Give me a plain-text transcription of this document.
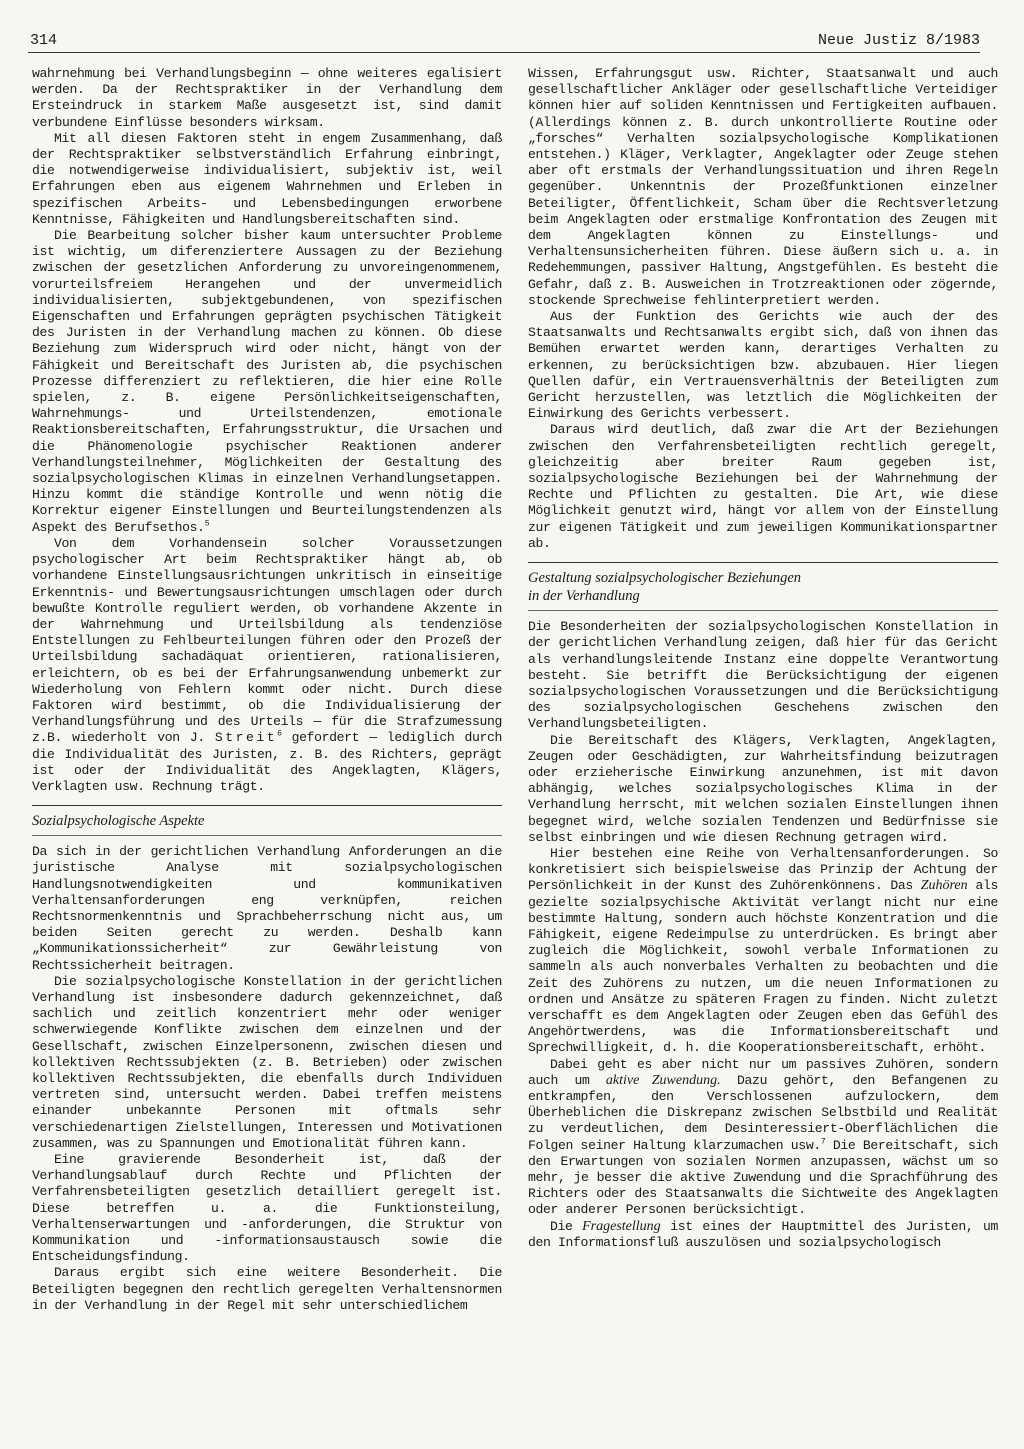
314	Neue Justiz 8/1983

wahrnehmung bei Verhandlungsbeginn — ohne weiteres egalisiert werden. Da der Rechtspraktiker in der Verhandlung dem Ersteindruck in starkem Maße ausgesetzt ist, sind damit verbundene Einflüsse besonders wirksam.

Mit all diesen Faktoren steht in engem Zusammenhang, daß der Rechtspraktiker selbstverständlich Erfahrung einbringt, die notwendigerweise individualisiert, subjektiv ist, weil Erfahrungen eben aus eigenem Wahrnehmen und Erleben in spezifischen Arbeits- und Lebensbedingungen erworbene Kenntnisse, Fähigkeiten und Handlungsbereitschaften sind.

Die Bearbeitung solcher bisher kaum untersuchter Probleme ist wichtig, um diferenziertere Aussagen zu der Beziehung zwischen der gesetzlichen Anforderung zu unvoreingenommenem, vorurteilsfreiem Herangehen und der unvermeidlich individualisierten, subjektgebundenen, von spezifischen Eigenschaften und Erfahrungen geprägten psychischen Tätigkeit des Juristen in der Verhandlung machen zu können. Ob diese Beziehung zum Widerspruch wird oder nicht, hängt von der Fähigkeit und Bereitschaft des Juristen ab, die psychischen Prozesse differenziert zu reflektieren, die hier eine Rolle spielen, z. B. eigene Persönlichkeitseigenschaften, Wahrnehmungs- und Urteilstendenzen, emotionale Reaktionsbereitschaften, Erfahrungsstruktur, die Ursachen und die Phänomenologie psychischer Reaktionen anderer Verhandlungsteilnehmer, Möglichkeiten der Gestaltung des sozialpsychologischen Klimas in einzelnen Verhandlungsetappen. Hinzu kommt die ständige Kontrolle und wenn nötig die Korrektur eigener Einstellungen und Beurteilungstendenzen als Aspekt des Berufsethos.$^5$

Von dem Vorhandensein solcher Voraussetzungen psychologischer Art beim Rechtspraktiker hängt ab, ob vorhandene Einstellungsausrichtungen unkritisch in einseitige Erkenntnis- und Bewertungsausrichtungen umschlagen oder durch bewußte Kontrolle reguliert werden, ob vorhandene Akzente in der Wahrnehmung und Urteilsbildung als tendenziöse Entstellungen zu Fehlbeurteilungen führen oder den Prozeß der Urteilsbildung sachadäquat orientieren, rationalisieren, erleichtern, ob es bei der Erfahrungsanwendung unbemerkt zur Wiederholung von Fehlern kommt oder nicht. Durch diese Faktoren wird bestimmt, ob die Individualisierung der Verhandlungsführung und des Urteils — für die Strafzumessung z.B. wiederholt von J. Streit$^6$ gefordert — lediglich durch die Individualität des Juristen, z. B. des Richters, geprägt ist oder der Individualität des Angeklagten, Klägers, Verklagten usw. Rechnung trägt.

Sozialpsychologische Aspekte

Da sich in der gerichtlichen Verhandlung Anforderungen an die juristische Analyse mit sozialpsychologischen Handlungsnotwendigkeiten und kommunikativen Verhaltensanforderungen eng verknüpfen, reichen Rechtsnormenkenntnis und Sprachbeherrschung nicht aus, um beiden Seiten gerecht zu werden. Deshalb kann „Kommunikationssicherheit“ zur Gewährleistung von Rechtssicherheit beitragen.

Die sozialpsychologische Konstellation in der gerichtlichen Verhandlung ist insbesondere dadurch gekennzeichnet, daß sachlich und zeitlich konzentriert mehr oder weniger schwerwiegende Konflikte zwischen dem einzelnen und der Gesellschaft, zwischen Einzelpersonenn, zwischen diesen und kollektiven Rechtssubjekten (z. B. Betrieben) oder zwischen kollektiven Rechtssubjekten, die ebenfalls durch Individuen vertreten sind, untersucht werden. Dabei treffen meistens einander unbekannte Personen mit oftmals sehr verschiedenartigen Zielstellungen, Interessen und Motivationen zusammen, was zu Spannungen und Emotionalität führen kann.

Eine gravierende Besonderheit ist, daß der Verhandlungsablauf durch Rechte und Pflichten der Verfahrensbeteiligten gesetzlich detailliert geregelt ist. Diese betreffen u. a. die Funktionsteilung, Verhaltenserwartungen und -anforderungen, die Struktur von Kommunikation und -informationsaustausch sowie die Entscheidungsfindung.

Daraus ergibt sich eine weitere Besonderheit. Die Beteiligten begegnen den rechtlich geregelten Verhaltensnormen in der Verhandlung in der Regel mit sehr unterschiedlichem

Wissen, Erfahrungsgut usw. Richter, Staatsanwalt und auch gesellschaftlicher Ankläger oder gesellschaftliche Verteidiger können hier auf soliden Kenntnissen und Fertigkeiten aufbauen. (Allerdings können z. B. durch unkontrollierte Routine oder „forsches“ Verhalten sozialpsychologische Komplikationen entstehen.) Kläger, Verklagter, Angeklagter oder Zeuge stehen aber oft erstmals der Verhandlungssituation und ihren Regeln gegenüber. Unkenntnis der Prozeßfunktionen einzelner Beteiligter, Öffentlichkeit, Scham über die Rechtsverletzung beim Angeklagten oder erstmalige Konfrontation des Zeugen mit dem Angeklagten können zu Einstellungs- und Verhaltensunsicherheiten führen. Diese äußern sich u. a. in Redehemmungen, passiver Haltung, Angstgefühlen. Es besteht die Gefahr, daß z. B. Ausweichen in Trotzreaktionen oder zögernde, stockende Sprechweise fehlinterpretiert werden.

Aus der Funktion des Gerichts wie auch der des Staatsanwalts und Rechtsanwalts ergibt sich, daß von ihnen das Bemühen erwartet werden kann, derartiges Verhalten zu erkennen, zu berücksichtigen bzw. abzubauen. Hier liegen Quellen dafür, ein Vertrauensverhältnis der Beteiligten zum Gericht herzustellen, was letztlich die Möglichkeiten der Einwirkung des Gerichts verbessert.

Daraus wird deutlich, daß zwar die Art der Beziehungen zwischen den Verfahrensbeteiligten rechtlich geregelt, gleichzeitig aber breiter Raum gegeben ist, sozialpsychologische Beziehungen bei der Wahrnehmung der Rechte und Pflichten zu gestalten. Die Art, wie diese Möglichkeit genutzt wird, hängt vor allem von der Einstellung zur eigenen Tätigkeit und zum jeweiligen Kommunikationspartner ab.

Gestaltung sozialpsychologischer Beziehungen
in der Verhandlung

Die Besonderheiten der sozialpsychologischen Konstellation in der gerichtlichen Verhandlung zeigen, daß hier für das Gericht als verhandlungsleitende Instanz eine doppelte Verantwortung besteht. Sie betrifft die Berücksichtigung der eigenen sozialpsychologischen Voraussetzungen und die Berücksichtigung des sozialpsychologischen Geschehens zwischen den Verhandlungsbeteiligten.

Die Bereitschaft des Klägers, Verklagten, Angeklagten, Zeugen oder Geschädigten, zur Wahrheitsfindung beizutragen oder erzieherische Einwirkung anzunehmen, ist mit davon abhängig, welches sozialpsychologisches Klima in der Verhandlung herrscht, mit welchen sozialen Einstellungen ihnen begegnet wird, welche sozialen Tendenzen und Bedürfnisse sie selbst einbringen und wie diesen Rechnung getragen wird.

Hier bestehen eine Reihe von Verhaltensanforderungen. So konkretisiert sich beispielsweise das Prinzip der Achtung der Persönlichkeit in der Kunst des Zuhörenkönnens. Das Zuhören als gezielte sozialpsychische Aktivität verlangt nicht nur eine bestimmte Haltung, sondern auch höchste Konzentration und die Fähigkeit, eigene Redeimpulse zu unterdrücken. Es bringt aber zugleich die Möglichkeit, sowohl verbale Informationen zu sammeln als auch nonverbales Verhalten zu beobachten und die Zeit des Zuhörens zu nutzen, um die neuen Informationen zu ordnen und Ansätze zu späteren Fragen zu finden. Nicht zuletzt verschafft es dem Angeklagten oder Zeugen eben das Gefühl des Angehörtwerdens, was die Informationsbereitschaft und Sprechwilligkeit, d. h. die Kooperationsbereitschaft, erhöht.

Dabei geht es aber nicht nur um passives Zuhören, sondern auch um aktive Zuwendung. Dazu gehört, den Befangenen zu entkrampfen, den Verschlossenen aufzulockern, dem Überheblichen die Diskrepanz zwischen Selbstbild und Realität zu verdeutlichen, dem Desinteressiert-Oberflächlichen die Folgen seiner Haltung klarzumachen usw.$^7$ Die Bereitschaft, sich den Erwartungen von sozialen Normen anzupassen, wächst um so mehr, je besser die aktive Zuwendung und die Sprachführung des Richters oder des Staatsanwalts die Sichtweite des Angeklagten oder anderer Personen berücksichtigt.

Die Fragestellung ist eines der Hauptmittel des Juristen, um den Informationsfluß auszulösen und sozialpsychologisch
